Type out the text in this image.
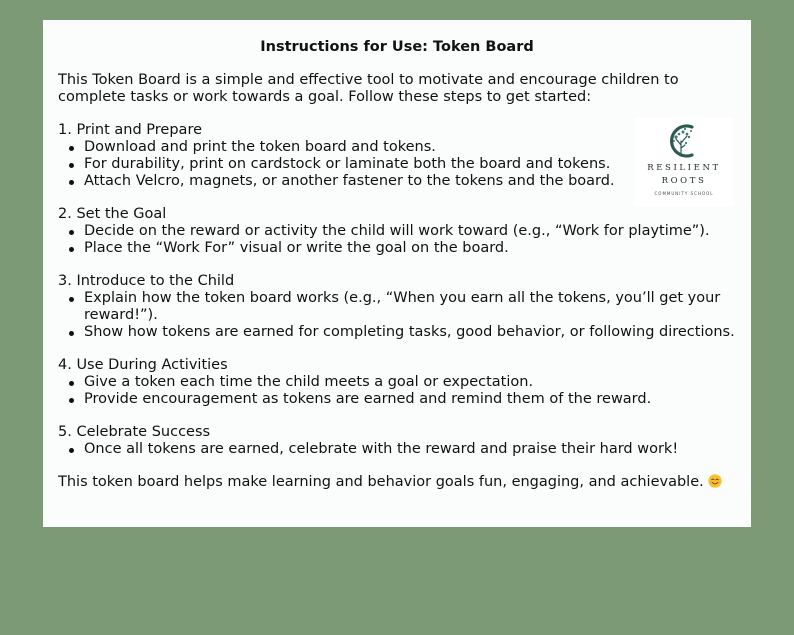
Instructions for Use: Token Board

This Token Board is a simple and effective tool to motivate and encourage children to complete tasks or work towards a goal. Follow these steps to get started:

1. Print and Prepare

Download and print the token board and tokens.
For durability, print on cardstock or laminate both the board and tokens.
Attach Velcro, magnets, or another fastener to the tokens and the board.

2. Set the Goal

Decide on the reward or activity the child will work toward (e.g., “Work for playtime”).
Place the “Work For” visual or write the goal on the board.

3. Introduce to the Child

Explain how the token board works (e.g., “When you earn all the tokens, you’ll get your reward!”).
Show how tokens are earned for completing tasks, good behavior, or following directions.

4. Use During Activities

Give a token each time the child meets a goal or expectation.
Provide encouragement as tokens are earned and remind them of the reward.

5. Celebrate Success

Once all tokens are earned, celebrate with the reward and praise their hard work!

This token board helps make learning and behavior goals fun, engaging, and achievable.

RESILIENT
ROOTS
COMMUNITY SCHOOL
